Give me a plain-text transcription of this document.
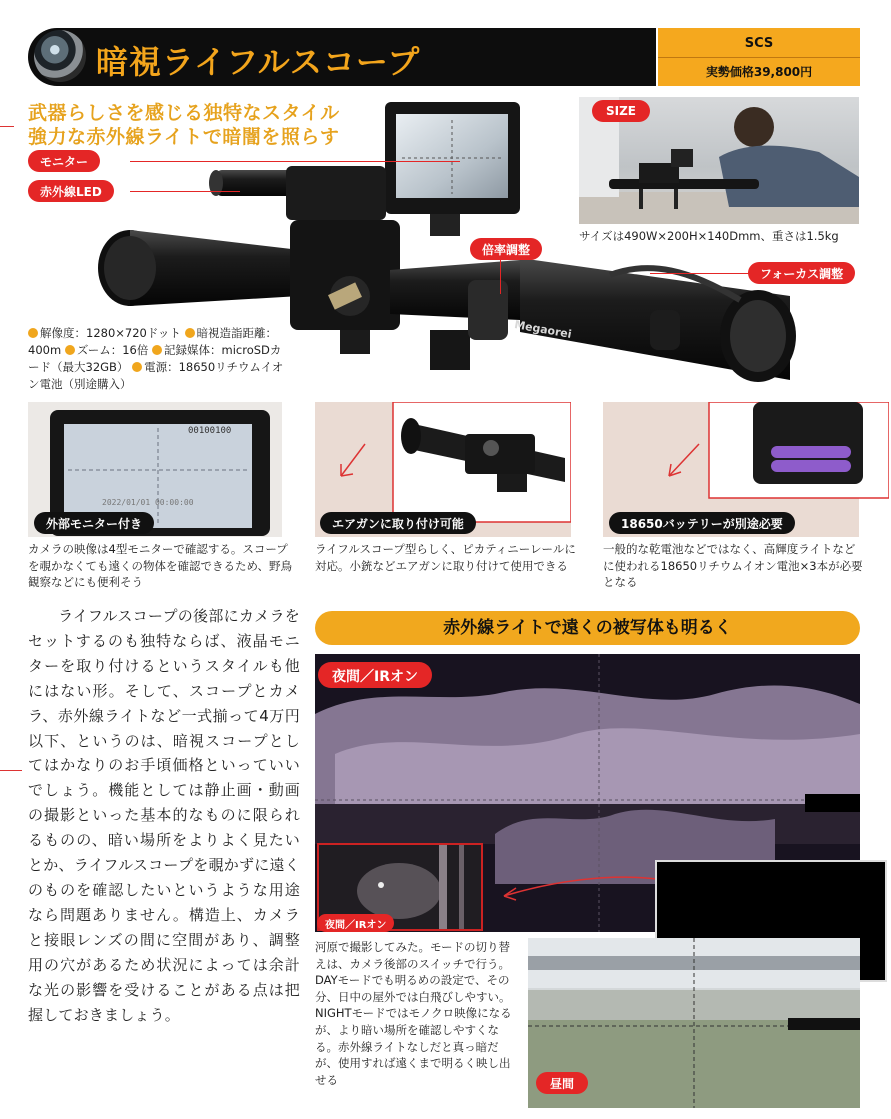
暗視ライフルスコープ	SCS
実勢価格39,800円
武器らしさを感じる独特なスタイル
強力な赤外線ライトで暗闇を照らす
Megaorei
モニター
赤外線LED
倍率調整
フォーカス調整
解像度：1280×720ドット 暗視造詣距離：400m ズーム：16倍 記録媒体：microSDカード（最大32GB） 電源：18650リチウムイオン電池（別途購入）
SIZE
サイズは490W×200H×140Dmm、重さは1.5kg
00100100
2022/01/01 00:00:00
外部モニター付き
カメラの映像は4型モニターで確認する。スコープを覗かなくても遠くの物体を確認できるため、野鳥観察などにも便利そう
エアガンに取り付け可能
ライフルスコープ型らしく、ピカティニーレールに対応。小銃などエアガンに取り付けて使用できる
18650バッテリーが別途必要
一般的な乾電池などではなく、高輝度ライトなどに使われる18650リチウムイオン電池×3本が必要となる
ライフルスコープの後部にカメラをセットするのも独特ならば、液晶モニターを取り付けるというスタイルも他にはない形。そして、スコープとカメラ、赤外線ライトなど一式揃って4万円以下、というのは、暗視スコープとしてはかなりのお手頃価格といっていいでしょう。機能としては静止画・動画の撮影といった基本的なものに限られるものの、暗い場所をよりよく見たいとか、ライフルスコープを覗かずに遠くのものを確認したいというような用途なら問題ありません。構造上、カメラと接眼レンズの間に空間があり、調整用の穴があるため状況によっては余計な光の影響を受けることがある点は把握しておきましょう。
赤外線ライトで遠くの被写体も明るく
夜間／IRオン
夜間／IRオン
昼間
河原で撮影してみた。モードの切り替えは、カメラ後部のスイッチで行う。DAYモードでも明るめの設定で、その分、日中の屋外では白飛びしやすい。NIGHTモードではモノクロ映像になるが、より暗い場所を確認しやすくなる。赤外線ライトなしだと真っ暗だが、使用すれば遠くまで明るく映し出せる
